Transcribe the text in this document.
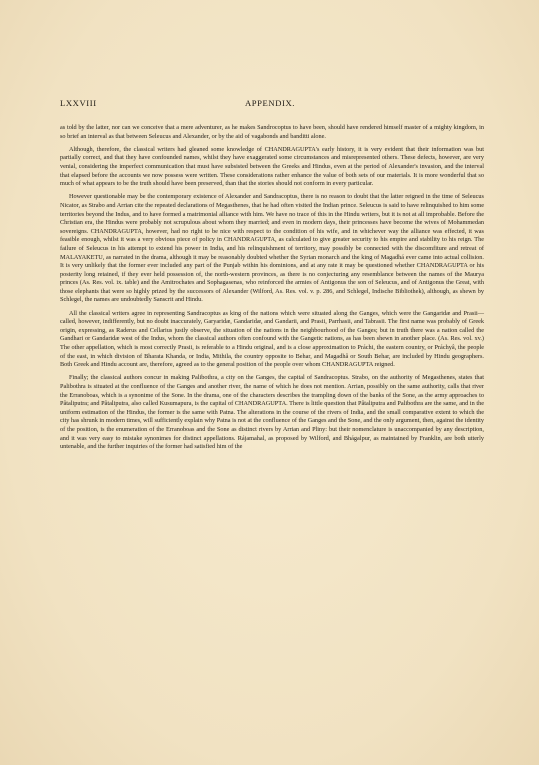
LXXVIII	APPENDIX.

as told by the latter, nor can we conceive that a mere adventurer, as he makes Sandrocoptus to have been, should have rendered himself master of a mighty kingdom, in so brief an interval as that between Seleucus and Alexander, or by the aid of vagabonds and banditti alone.

Although, therefore, the classical writers had gleaned some knowledge of CHANDRAGUPTA's early history, it is very evident that their information was but partially correct, and that they have confounded names, whilst they have exaggerated some circumstances and misrepresented others. These defects, however, are very venial, considering the imperfect communication that must have subsisted between the Greeks and Hindus, even at the period of Alexander's invasion, and the interval that elapsed before the accounts we now possess were written. These considerations rather enhance the value of both sets of our materials. It is more wonderful that so much of what appears to be the truth should have been preserved, than that the stories should not conform in every particular.

However questionable may be the contemporary existence of Alexander and Sandracoptus, there is no reason to doubt that the latter reigned in the time of Seleucus Nicator, as Strabo and Arrian cite the repeated declarations of Megasthenes, that he had often visited the Indian prince. Seleucus is said to have relinquished to him some territories beyond the Indus, and to have formed a matrimonial alliance with him. We have no trace of this in the Hindu writers, but it is not at all improbable. Before the Christian era, the Hindus were probably not scrupulous about whom they married; and even in modern days, their princesses have become the wives of Mohammedan sovereigns. CHANDRAGUPTA, however, had no right to be nice with respect to the condition of his wife, and in whichever way the alliance was effected, it was feasible enough, whilst it was a very obvious piece of policy in CHANDRAGUPTA, as calculated to give greater security to his empire and stability to his reign. The failure of Seleucus in his attempt to extend his power in India, and his relinquishment of territory, may possibly be connected with the discomfiture and retreat of MALAYAKETU, as narrated in the drama, although it may be reasonably doubted whether the Syrian monarch and the king of Magadhá ever came into actual collision. It is very unlikely that the former ever included any part of the Punjab within his dominions, and at any rate it may be questioned whether CHANDRAGUPTA or his posterity long retained, if they ever held possession of, the north-western provinces, as there is no conjecturing any resemblance between the names of the Maurya princes (As. Res. vol. ix. table) and the Amitrochates and Sophagasenas, who reinforced the armies of Antigonus the son of Seleucus, and of Antigonus the Great, with those elephants that were so highly prized by the successors of Alexander (Wilford, As. Res. vol. v. p. 286, and Schlegel, Indische Bibliothek), although, as shewn by Schlegel, the names are undoubtedly Sanscrit and Hindu.

All the classical writers agree in representing Sandracoptus as king of the nations which were situated along the Ganges, which were the Gangaridæ and Prasii—called, however, indifferently, but no doubt inaccurately, Garyaridæ, Gandaridæ, and Gandarii, and Prasii, Parrhasii, and Tabrasii. The first name was probably of Greek origin, expressing, as Raderus and Cellarius justly observe, the situation of the nations in the neighbourhood of the Ganges; but in truth there was a nation called the Gandhari or Gandaridæ west of the Indus, whom the classical authors often confound with the Gangetic nations, as has been shewn in another place. (As. Res. vol. xv.) The other appellation, which is most correctly Prasii, is referable to a Hindu original, and is a close approximation to Práchi, the eastern country, or Práchyâ, the people of the east, in which division of Bharata Khanda, or India, Mithila, the country opposite to Behar, and Magadhâ or South Behar, are included by Hindu geographers. Both Greek and Hindu account are, therefore, agreed as to the general position of the people over whom CHANDRAGUPTA reigned.

Finally; the classical authors concur in making Palibothra, a city on the Ganges, the capital of Sandracoptus. Strabo, on the authority of Megasthenes, states that Palibothra is situated at the confluence of the Ganges and another river, the name of which he does not mention. Arrian, possibly on the same authority, calls that river the Erranoboas, which is a synonime of the Sone. In the drama, one of the characters describes the trampling down of the banks of the Sone, as the army approaches to Pâtaliputra; and Pâtaliputra, also called Kusumapura, is the capital of CHANDRAGUPTA. There is little question that Pâtaliputra and Palibothra are the same, and in the uniform estimation of the Hindus, the former is the same with Patna. The alterations in the course of the rivers of India, and the small comparative extent to which the city has shrunk in modern times, will sufficiently explain why Patna is not at the confluence of the Ganges and the Sone, and the only argument, then, against the identity of the position, is the enumeration of the Erranoboas and the Sone as distinct rivers by Arrian and Pliny: but their nomenclature is unaccompanied by any description, and it was very easy to mistake synonimes for distinct appellations. Rájamahal, as proposed by Wilford, and Bhágalpur, as maintained by Franklin, are both utterly untenable, and the further inquiries of the former had satisfied him of the
